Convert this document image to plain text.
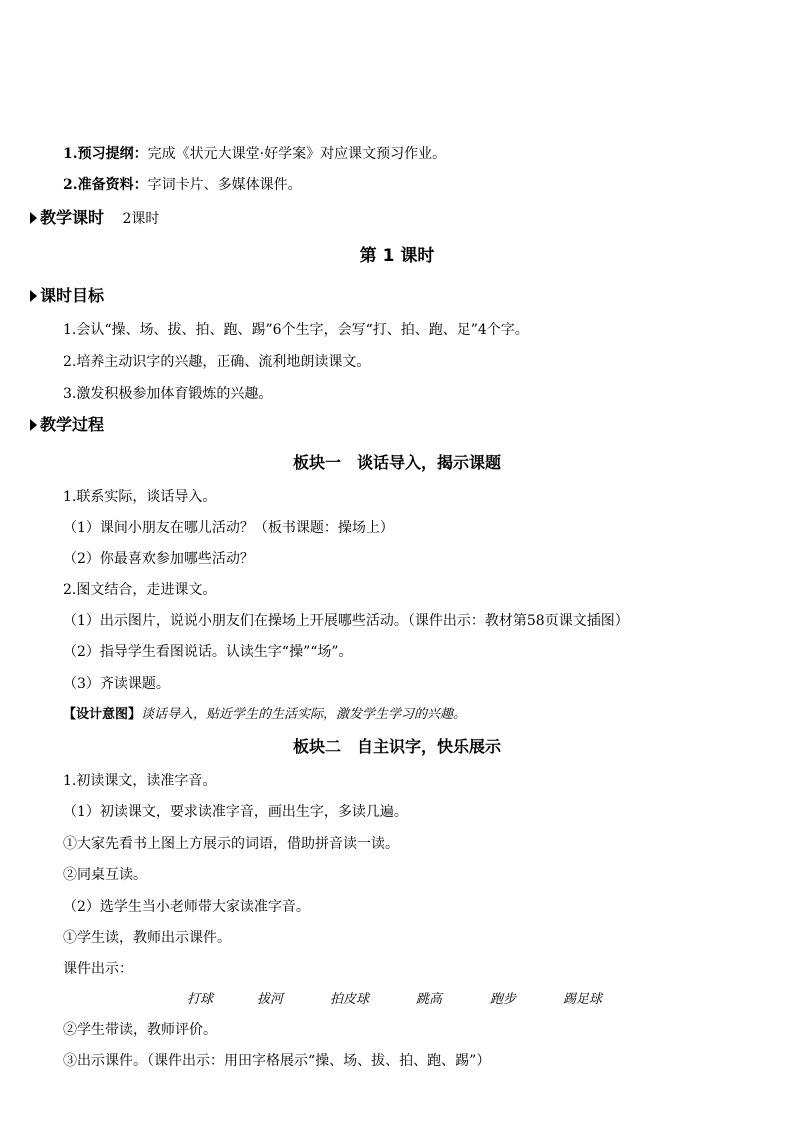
1.预习提纲：完成《状元大课堂·好学案》对应课文预习作业。
2.准备资料：字词卡片、多媒体课件。
教学课时 2课时
第 1 课时
课时目标
1.会认“操、场、拔、拍、跑、踢”6个生字，会写“打、拍、跑、足”4个字。
2.培养主动识字的兴趣，正确、流利地朗读课文。
3.激发积极参加体育锻炼的兴趣。
教学过程
板块一　谈话导入，揭示课题
1.联系实际，谈话导入。
（1）课间小朋友在哪儿活动？（板书课题：操场上）
（2）你最喜欢参加哪些活动？
2.图文结合，走进课文。
（1）出示图片，说说小朋友们在操场上开展哪些活动。（课件出示：教材第58页课文插图）
（2）指导学生看图说话。认读生字“操”“场”。
（3）齐读课题。
【设计意图】谈话导入，贴近学生的生活实际，激发学生学习的兴趣。
板块二　自主识字，快乐展示
1.初读课文，读准字音。
（1）初读课文，要求读准字音，画出生字，多读几遍。
①大家先看书上图上方展示的词语，借助拼音读一读。
②同桌互读。
（2）选学生当小老师带大家读准字音。
①学生读，教师出示课件。
课件出示：
打球	拔河	拍皮球	跳高	跑步	踢足球
②学生带读，教师评价。
③出示课件。（课件出示：用田字格展示“操、场、拔、拍、跑、踢”）
